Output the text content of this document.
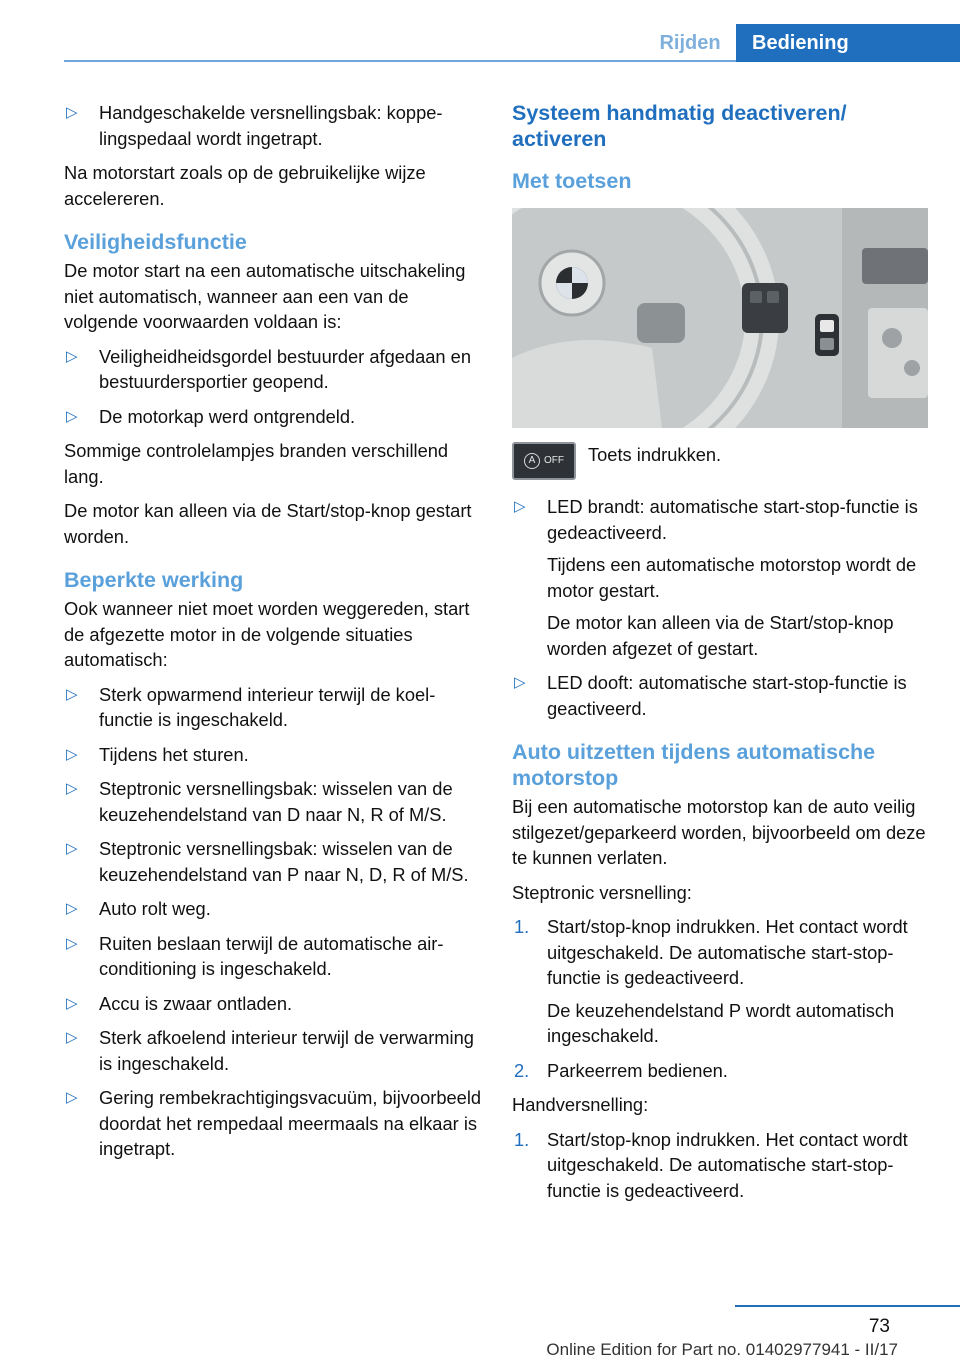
Rijden	Bediening
▷	Handgeschakelde versnellingsbak: koppelingspedaal wordt ingetrapt.

Na motorstart zoals op de gebruikelijke wijze accelereren.

Veiligheidsfunctie

De motor start na een automatische uitschakeling niet automatisch, wanneer aan een van de volgende voorwaarden voldaan is:

▷	Veiligheidheidsgordel bestuurder afgedaan en bestuurdersportier geopend.
▷	De motorkap werd ontgrendeld.

Sommige controlelampjes branden verschillend lang.

De motor kan alleen via de Start/stop-knop gestart worden.

Beperkte werking

Ook wanneer niet moet worden weggereden, start de afgezette motor in de volgende situaties automatisch:

▷	Sterk opwarmend interieur terwijl de koelfunctie is ingeschakeld.
▷	Tijdens het sturen.
▷	Steptronic versnellingsbak: wisselen van de keuzehendelstand van D naar N, R of M/S.
▷	Steptronic versnellingsbak: wisselen van de keuzehendelstand van P naar N, D, R of M/S.
▷	Auto rolt weg.
▷	Ruiten beslaan terwijl de automatische airconditioning is ingeschakeld.
▷	Accu is zwaar ontladen.
▷	Sterk afkoelend interieur terwijl de verwarming is ingeschakeld.
▷	Gering rembekrachtigingsvacuüm, bijvoorbeeld doordat het rempedaal meermaals na elkaar is ingetrapt.
Systeem handmatig deactiveren/ activeren
Met toetsen
A OFF	Toets indrukken.
▷	LED brandt: automatische start-stop-functie is gedeactiveerd.

Tijdens een automatische motorstop wordt de motor gestart.

De motor kan alleen via de Start/stop-knop worden afgezet of gestart.

▷	LED dooft: automatische start-stop-functie is geactiveerd.
Auto uitzetten tijdens automatische motorstop

Bij een automatische motorstop kan de auto veilig stilgezet/geparkeerd worden, bijvoorbeeld om deze te kunnen verlaten.

Steptronic versnelling:

1. Start/stop-knop indrukken. Het contact wordt uitgeschakeld. De automatische start-stop-functie is gedeactiveerd.

De keuzehendelstand P wordt automatisch ingeschakeld.

2. Parkeerrem bedienen.

Handversnelling:

1. Start/stop-knop indrukken. Het contact wordt uitgeschakeld. De automatische start-stop-functie is gedeactiveerd.
73
Online Edition for Part no. 01402977941 - II/17
